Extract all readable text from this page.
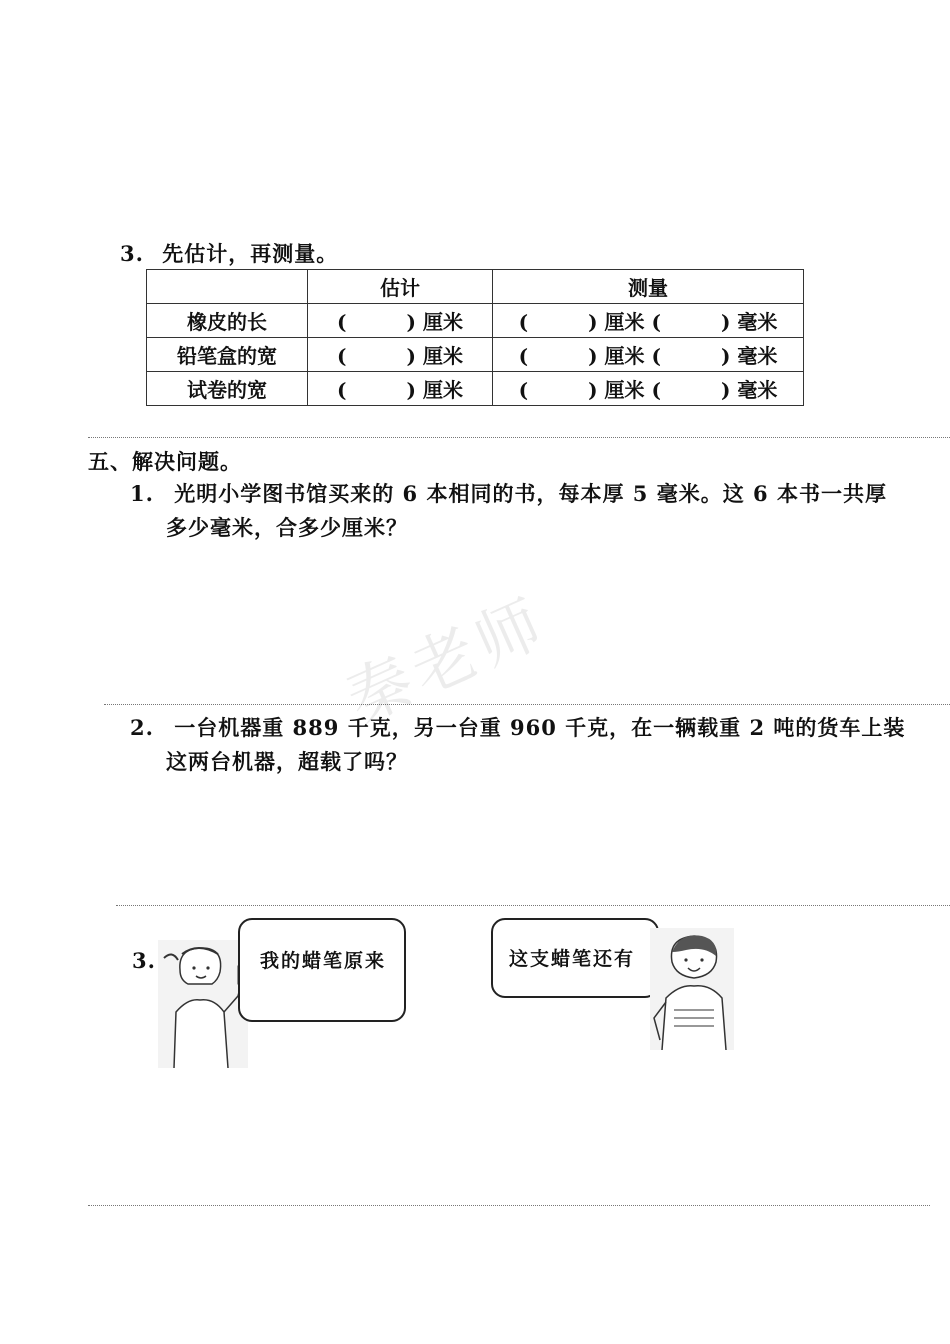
3. 先估计，再测量。
	估计	测量
橡皮的长	( ) 厘米	( ) 厘米 ( ) 毫米
铅笔盒的宽	( ) 厘米	( ) 厘米 ( ) 毫米
试卷的宽	( ) 厘米	( ) 厘米 ( ) 毫米
五、解决问题。
1. 光明小学图书馆买来的 6 本相同的书，每本厚 5 毫米。这 6 本书一共厚
多少毫米，合多少厘米？
2. 一台机器重 889 千克，另一台重 960 千克，在一辆载重 2 吨的货车上装
这两台机器，超载了吗？
3.	我的蜡笔原来	这支蜡笔还有
秦老师
